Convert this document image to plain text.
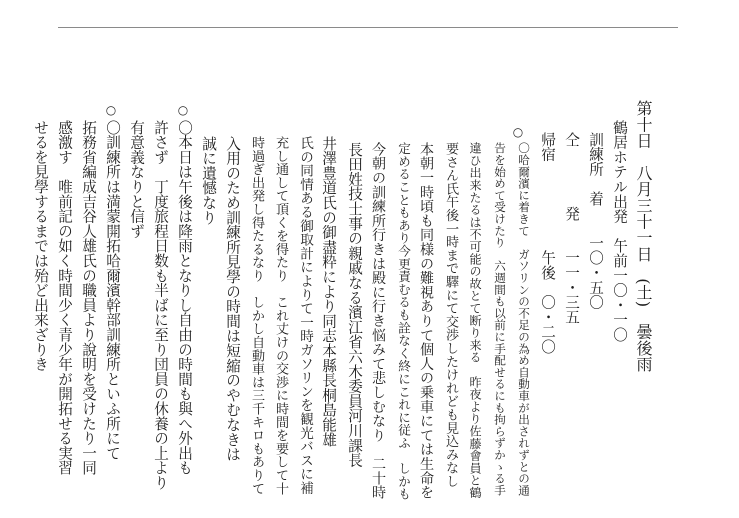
第十日　八月三十一日　(土)　曇後雨
鶴居ホテル出発　午前一〇・一〇
訓練所　着　　一〇・五〇
仝　　　　発　　一一・三五
帰宿　　　　　　午後　〇・二〇
○
〇哈爾濱に着きて　ガソリンの不足の為め自動車が出されずとの通
告を始めて受けたり　六週間も以前に手配せるにも拘らずかゝる手
違ひ出来たるは不可能の故とて断り来る　昨夜より佐藤會員と鶴
要さん氏午後一時まで驛にて交渉したけれども見込みなし
本朝一時頃も同様の難視ありて個人の乗車にては生命を
定めることもあり今更責むるも詮なく終にこれに従ふ　しかも
今朝の訓練所行きは殿に行き悩みて悲しむなり　二十時
長田姓技士事の親戚なる濱江省六木委員河川課長
井澤豊道氏の御盡粋により同志本縣長桐島能雄
氏の同情ある御取計によりて一時ガソリンを観光バスに補
充し通して頂くを得たり　これ丈けの交渉に時間を要して十
時過ぎ出発し得たるなり　しかし自動車は三千キロもありて
入用のため訓練所見學の時間は短縮のやむなきは
誠に遺憾なり
○
〇本日は午後は降雨となりし自由の時間も與へ外出も
許さず　丁度旅程日数も半ばに至り団員の休養の上より
有意義なりと信ず
○
〇訓練所は満蒙開拓哈爾濱幹部訓練所といふ所にて
拓務省編成吉谷人雄氏の職員より說明を受けたり一同
感激す　唯前記の如く時間少く青少年が開拓せる実習
せるを見學するまでは殆ど出来ざりき
